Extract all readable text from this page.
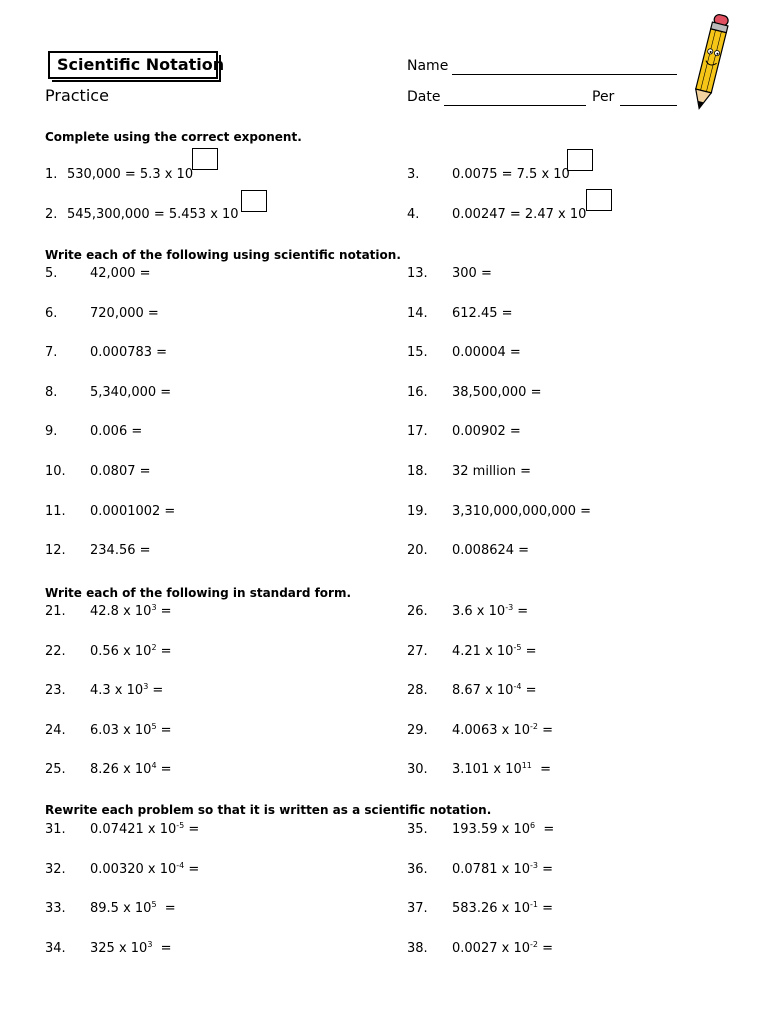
Scientific Notation
Practice
Name
Date	Per
Complete using the correct exponent.
1. 530,000 = 5.3 x 10
2. 545,300,000 = 5.453 x 10
3.	0.0075 = 7.5 x 10
4.	0.00247 = 2.47 x 10
Write each of the following using scientific notation.
5.	42,000 =
6.	720,000 =
7.	0.000783 =
8.	5,340,000 =
9.	0.006 =
10. 0.0807 =
11. 0.0001002 =
12. 234.56 =
13. 300 =
14. 612.45 =
15. 0.00004 =
16. 38,500,000 =
17. 0.00902 =
18. 32 million =
19. 3,310,000,000,000 =
20. 0.008624 =
Write each of the following in standard form.
21. 42.8 x $10^3$ =
22. 0.56 x $10^2$ =
23. 4.3 x $10^3$ =
24. 6.03 x $10^5$ =
25. 8.26 x $10^4$ =
26. 3.6 x $10^{-3}$ =
27. 4.21 x $10^{-5}$ =
28. 8.67 x $10^{-4}$ =
29. 4.0063 x $10^{-2}$ =
30. 3.101 x $10^{11}$  =
Rewrite each problem so that it is written as a scientific notation.
31. 0.07421 x $10^{-5}$ =
32. 0.00320 x $10^{-4}$ =
33. 89.5 x $10^5$  =
34. 325 x $10^3$  =
35. 193.59 x $10^6$  =
36. 0.0781 x $10^{-3}$ =
37. 583.26 x $10^{-1}$ =
38. 0.0027 x $10^{-2}$ =
